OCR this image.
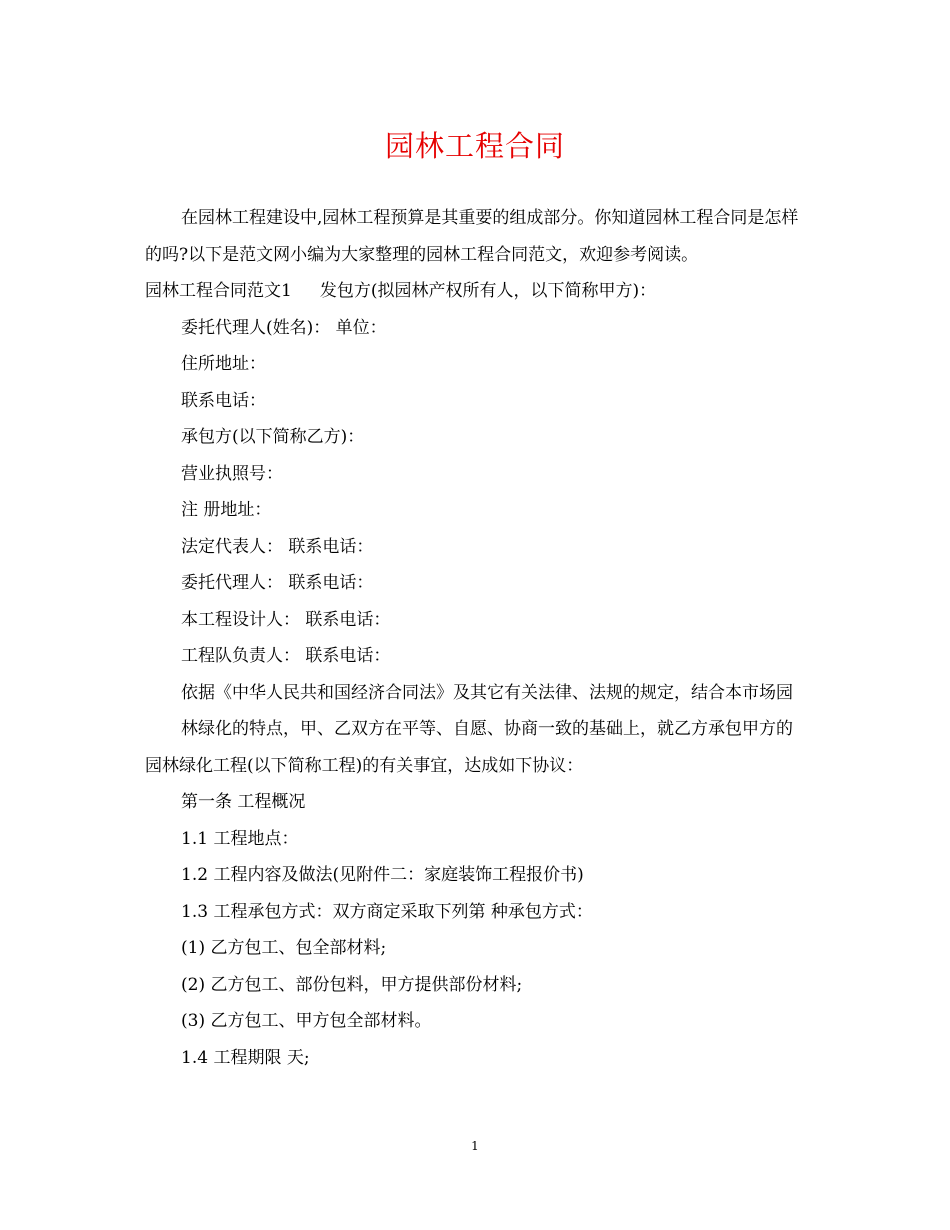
园林工程合同

在园林工程建设中,园林工程预算是其重要的组成部分。你知道园林工程合同是怎样的吗?以下是范文网小编为大家整理的园林工程合同范文，欢迎参考阅读。

园林工程合同范文1 发包方(拟园林产权所有人，以下简称甲方)：

委托代理人(姓名)： 单位：

住所地址：

联系电话：

承包方(以下简称乙方)：

营业执照号：

注 册地址：

法定代表人： 联系电话：

委托代理人： 联系电话：

本工程设计人： 联系电话：

工程队负责人： 联系电话：

依据《中华人民共和国经济合同法》及其它有关法律、法规的规定，结合本市场园

林绿化的特点，甲、乙双方在平等、自愿、协商一致的基础上，就乙方承包甲方的 园林绿化工程(以下简称工程)的有关事宜，达成如下协议：

第一条 工程概况

1.1 工程地点：

1.2 工程内容及做法(见附件二：家庭装饰工程报价书)

1.3 工程承包方式：双方商定采取下列第 种承包方式：

(1) 乙方包工、包全部材料;

(2) 乙方包工、部份包料，甲方提供部份材料;

(3) 乙方包工、甲方包全部材料。

1.4 工程期限 天;

1
